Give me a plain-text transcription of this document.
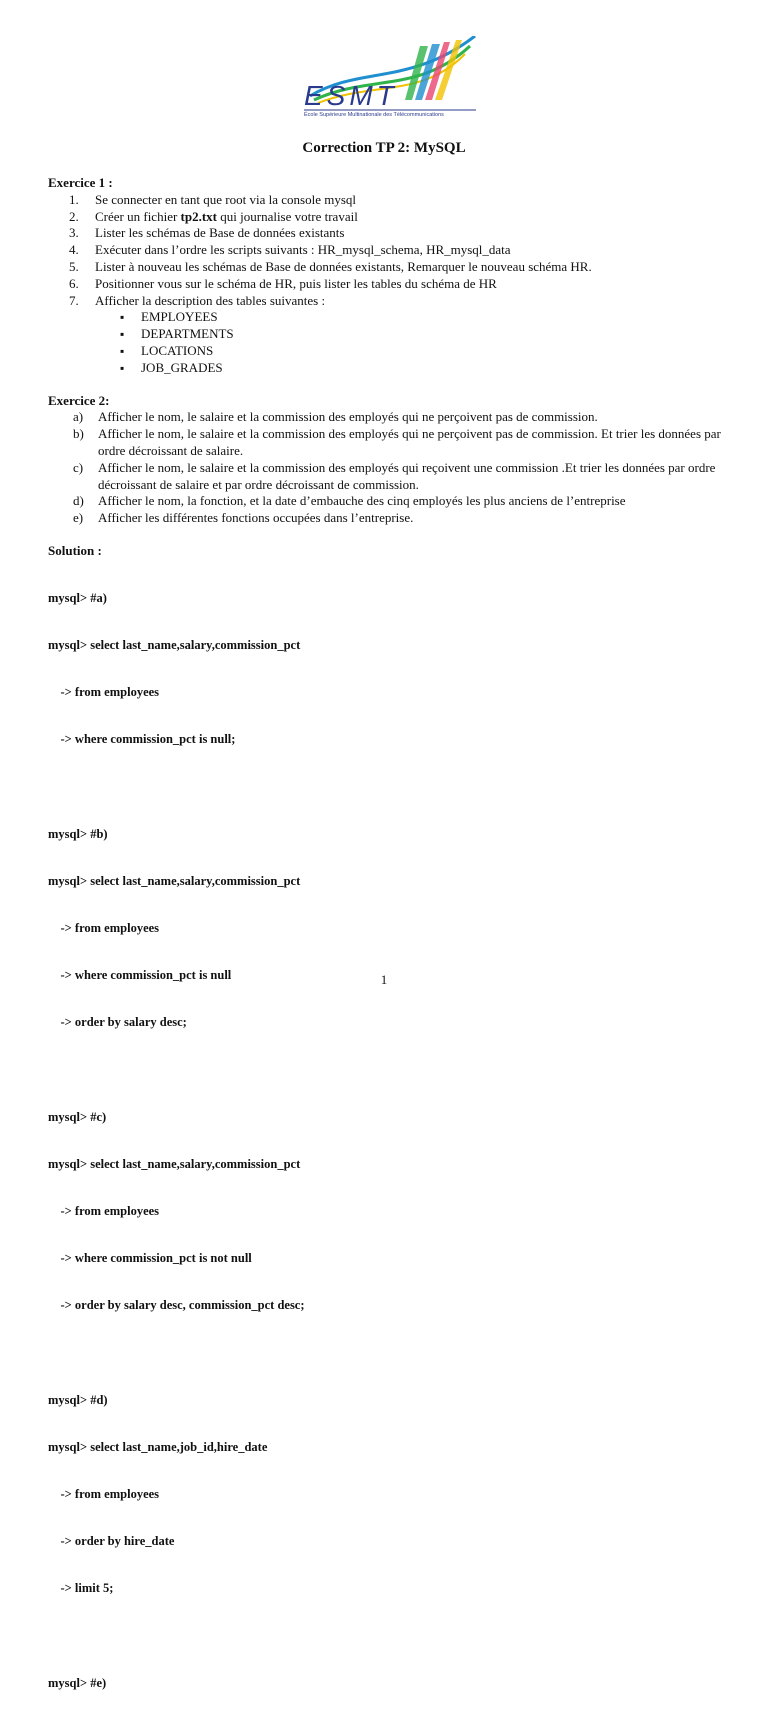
ESMT
École Supérieure Multinationale des Télécommunications
Correction TP 2: MySQL

Exercice 1 :

1. Se connecter en tant que root via la console mysql
2. Créer un fichier tp2.txt qui journalise votre travail
3. Lister les schémas de Base de données existants
4. Exécuter dans l’ordre les scripts suivants : HR_mysql_schema, HR_mysql_data
5. Lister à nouveau les schémas de Base de données existants, Remarquer le nouveau schéma HR.
6. Positionner vous sur le schéma de HR, puis lister les tables du schéma de HR
7. Afficher la description des tables suivantes :
▪ EMPLOYEES
▪ DEPARTMENTS
▪ LOCATIONS
▪ JOB_GRADES

Exercice 2:

a) Afficher le nom, le salaire et la commission des employés qui ne perçoivent pas de commission.
b) Afficher le nom, le salaire et la commission des employés qui ne perçoivent pas de commission. Et trier les données par ordre décroissant de salaire.
c) Afficher le nom, le salaire et la commission des employés qui reçoivent une commission .Et trier les données par ordre décroissant de salaire et par ordre décroissant de commission.
d) Afficher le nom, la fonction, et la date d’embauche des cinq employés les plus anciens de l’entreprise
e) Afficher les différentes fonctions occupées dans l’entreprise.

Solution :

mysql> #a)

mysql> select last_name,salary,commission_pct

-> from employees

-> where commission_pct is null;

mysql> #b)

mysql> select last_name,salary,commission_pct

-> from employees

-> where commission_pct is null

-> order by salary desc;

mysql> #c)

mysql> select last_name,salary,commission_pct

-> from employees

-> where commission_pct is not null

-> order by salary desc, commission_pct desc;

mysql> #d)

mysql> select last_name,job_id,hire_date

-> from employees

-> order by hire_date

-> limit 5;

mysql> #e)

1
